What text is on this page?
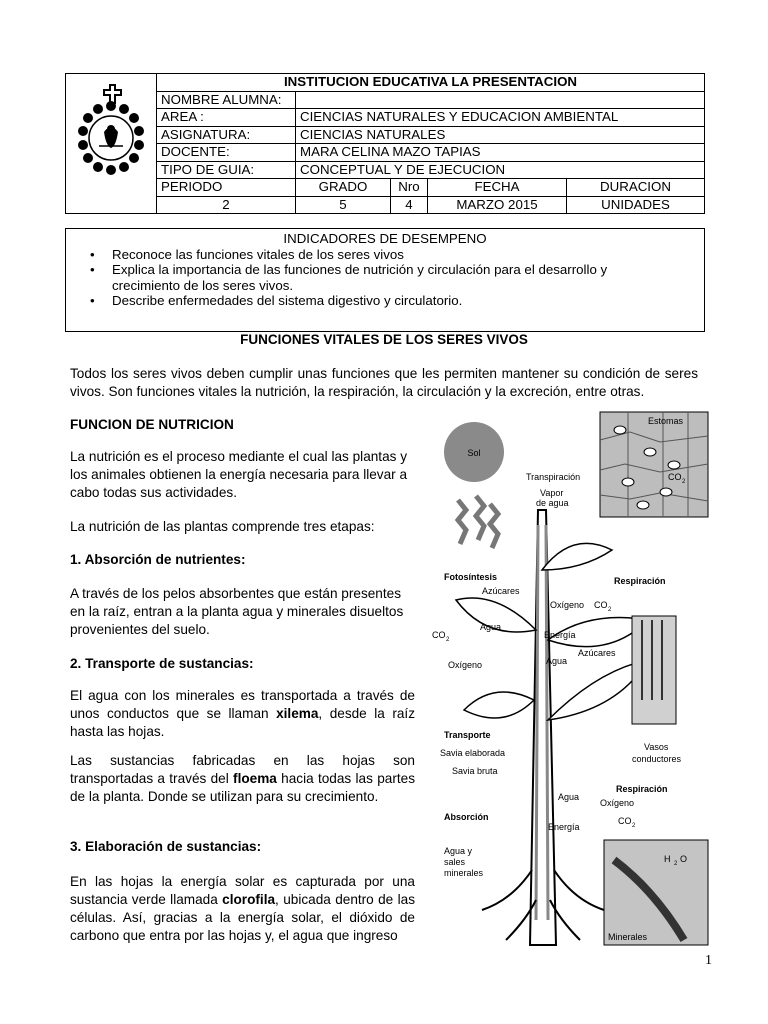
	INSTITUCION EDUCATIVA LA PRESENTACION				
	NOMBRE ALUMNA:				
	AREA :	CIENCIAS NATURALES Y EDUCACION AMBIENTAL			
	ASIGNATURA:	CIENCIAS NATURALES			
	DOCENTE:	MARA CELINA MAZO TAPIAS			
	TIPO DE GUIA:	CONCEPTUAL Y DE EJECUCION			
	PERIODO	GRADO	Nro	FECHA	DURACION
	2	5	4	MARZO 2015	UNIDADES
INDICADORES DE DESEMPENO
• Reconoce las funciones vitales de los seres vivos
• Explica la importancia de las funciones de nutrición y circulación para el desarrollo y crecimiento de los seres vivos.
• Describe enfermedades del sistema digestivo y circulatorio.
FUNCIONES VITALES DE LOS SERES VIVOS
Todos los seres vivos deben cumplir unas funciones que les permiten mantener su condición de seres vivos. Son funciones vitales la nutrición, la respiración, la circulación y la excreción, entre otras.
FUNCION DE NUTRICION
La nutrición es el proceso mediante el cual las plantas y los animales obtienen la energía necesaria para llevar a cabo todas sus actividades.
La nutrición de las plantas comprende tres etapas:
1. Absorción de nutrientes:
A través de los pelos absorbentes que están presentes en la raíz, entran a la planta agua y minerales disueltos provenientes del suelo.
2. Transporte de sustancias:
El agua con los minerales es transportada a través de unos conductos que se llaman xilema, desde la raíz hasta las hojas.
Las sustancias fabricadas en las hojas son transportadas a través del floema hacia todas las partes de la planta. Donde se utilizan para su crecimiento.
3. Elaboración de sustancias:
En las hojas la energía solar es capturada por una sustancia verde llamada clorofila, ubicada dentro de las células. Así, gracias a la energía solar, el dióxido de carbono que entra por las hojas y, el agua que ingreso
Sol
Estomas
CO 2
Transpiración
Vapor
de agua
Fotosíntesis
Azúcares
Agua
CO 2
Oxígeno
Respiración
Oxígeno CO 2
Energía
Azúcares
Agua
Vasos
conductores
Transporte
Savia elaborada
Savia bruta
Respiración
Agua
Oxígeno
CO 2
Energía
Absorción
Agua y
sales
minerales
H 2 O
Minerales
1
